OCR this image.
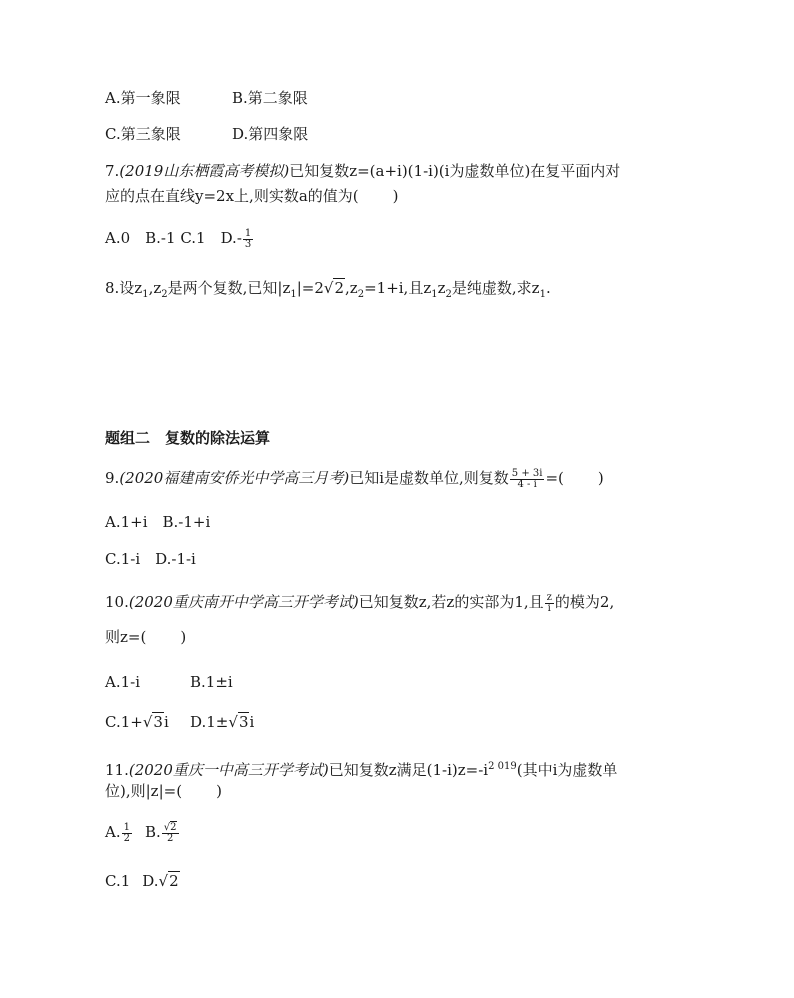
A.第一象限	B.第二象限
C.第三象限	D.第四象限
7.(2019山东栖霞高考模拟)已知复数z=(a+i)(1-i)(i为虚数单位)在复平面内对
应的点在直线y=2x上,则实数a的值为( )
A.0　B.-1 C.1　$D.- \frac{1}{3}$
8.设$z_1,z_2$是两个复数,已知$|z_1|=2√2,z_2=1+i$,且$z_1z_2$是纯虚数,求$z_1$.
题组二　复数的除法运算
9.(2020福建南安侨光中学高三月考)已知i是虚数单位,则复数 $\frac{5 + 3i}{4 - i}$ =( )
A.1+i　B.-1+i
C.1-i　D.-1-i
10.(2020重庆南开中学高三开学考试)已知复数z,若z的实部为1,且 $\frac{z}{i}$ 的模为2,
则z=( )
A.1-i	B.1±i
C.1+√3i D.1±√3i
11.(2020重庆一中高三开学考试)已知复数z满足$(1-i)z=-i^{2 019}$(其中i为虚数单
位),则|z|=( )
A. $\frac{1}{2} B$. $\frac{√2}{2}$
C.1 D.√2
